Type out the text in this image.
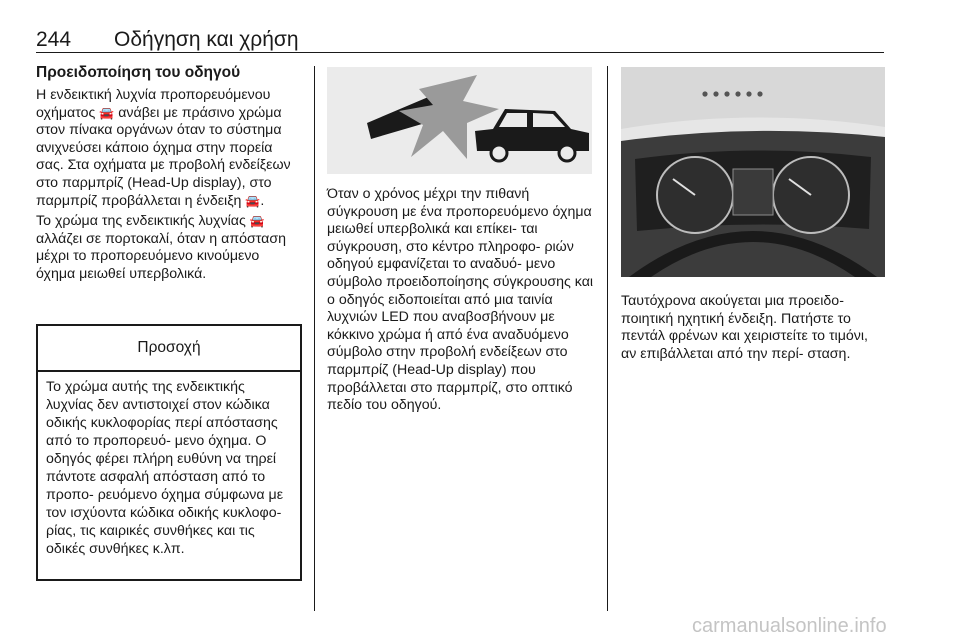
244 Οδήγηση και χρήση
Προειδοποίηση του οδηγού

Η ενδεικτική λυχνία προπορευόμενου οχήματος 🚘 ανάβει με πράσινο χρώμα στον πίνακα οργάνων όταν το σύστημα ανιχνεύσει κάποιο όχημα στην πορεία σας. Στα οχήματα με προβολή ενδείξεων στο παρμπρίζ (Head-Up display), στο παρμπρίζ προβάλλεται η ένδειξη 🚘.

Το χρώμα της ενδεικτικής λυχνίας 🚘 αλλάζει σε πορτοκαλί, όταν η απόσταση μέχρι το προπορευόμενο κινούμενο όχημα μειωθεί υπερβολικά.

Προσοχή
Το χρώμα αυτής της ενδεικτικής λυχνίας δεν αντιστοιχεί στον κώδικα οδικής κυκλοφορίας περί απόστασης από το προπορευό- μενο όχημα. Ο οδηγός φέρει πλήρη ευθύνη να τηρεί πάντοτε ασφαλή απόσταση από το προπο- ρευόμενο όχημα σύμφωνα με τον ισχύοντα κώδικα οδικής κυκλοφο- ρίας, τις καιρικές συνθήκες και τις οδικές συνθήκες κ.λπ.

Όταν ο χρόνος μέχρι την πιθανή σύγκρουση με ένα προπορευόμενο όχημα μειωθεί υπερβολικά και επίκει- ται σύγκρουση, στο κέντρο πληροφο- ριών οδηγού εμφανίζεται το αναδυό- μενο σύμβολο προειδοποίησης σύγκρουσης και ο οδηγός ειδοποιείται από μια ταινία λυχνιών LED που αναβοσβήνουν με κόκκινο χρώμα ή από ένα αναδυόμενο σύμβολο στην προβολή ενδείξεων στο παρμπρίζ (Head-Up display) που προβάλλεται στο παρμπρίζ, στο οπτικό πεδίο του οδηγού.

Ταυτόχρονα ακούγεται μια προειδο- ποιητική ηχητική ένδειξη. Πατήστε το πεντάλ φρένων και χειριστείτε το τιμόνι, αν επιβάλλεται από την περί- σταση.

carmanualsonline.info
